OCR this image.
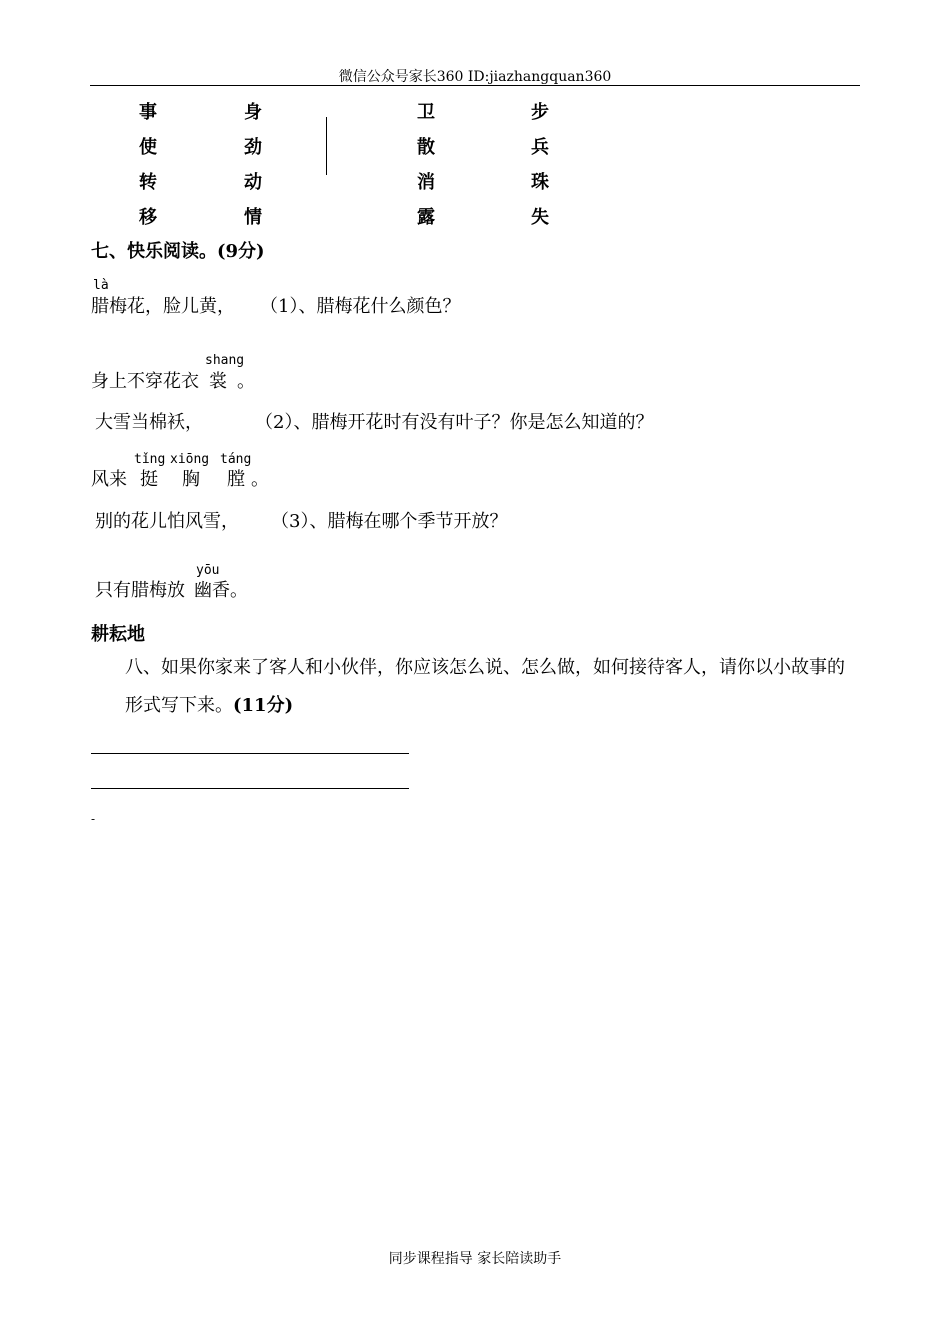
微信公众号家长360 ID:jiazhangquan360
事
使
转
移
身
劲
动
情
卫
散
消
露
步
兵
珠
失
七、快乐阅读。(9分)
là
腊梅花，脸儿黄， （1）、腊梅花什么颜色？
shang
身上不穿花衣 裳 。
大雪当棉袄，	（2）、腊梅开花时有没有叶子？你是怎么知道的？
tǐng xiōng táng
风来 挺 胸 膛 。
别的花儿怕风雪， （3）、腊梅在哪个季节开放？
yōu
只有腊梅放 幽香。
耕耘地
八、如果你家来了客人和小伙伴，你应该怎么说、怎么做，如何接待客人，请你以小故事的
形式写下来。(11分)
-
同步课程指导 家长陪读助手
